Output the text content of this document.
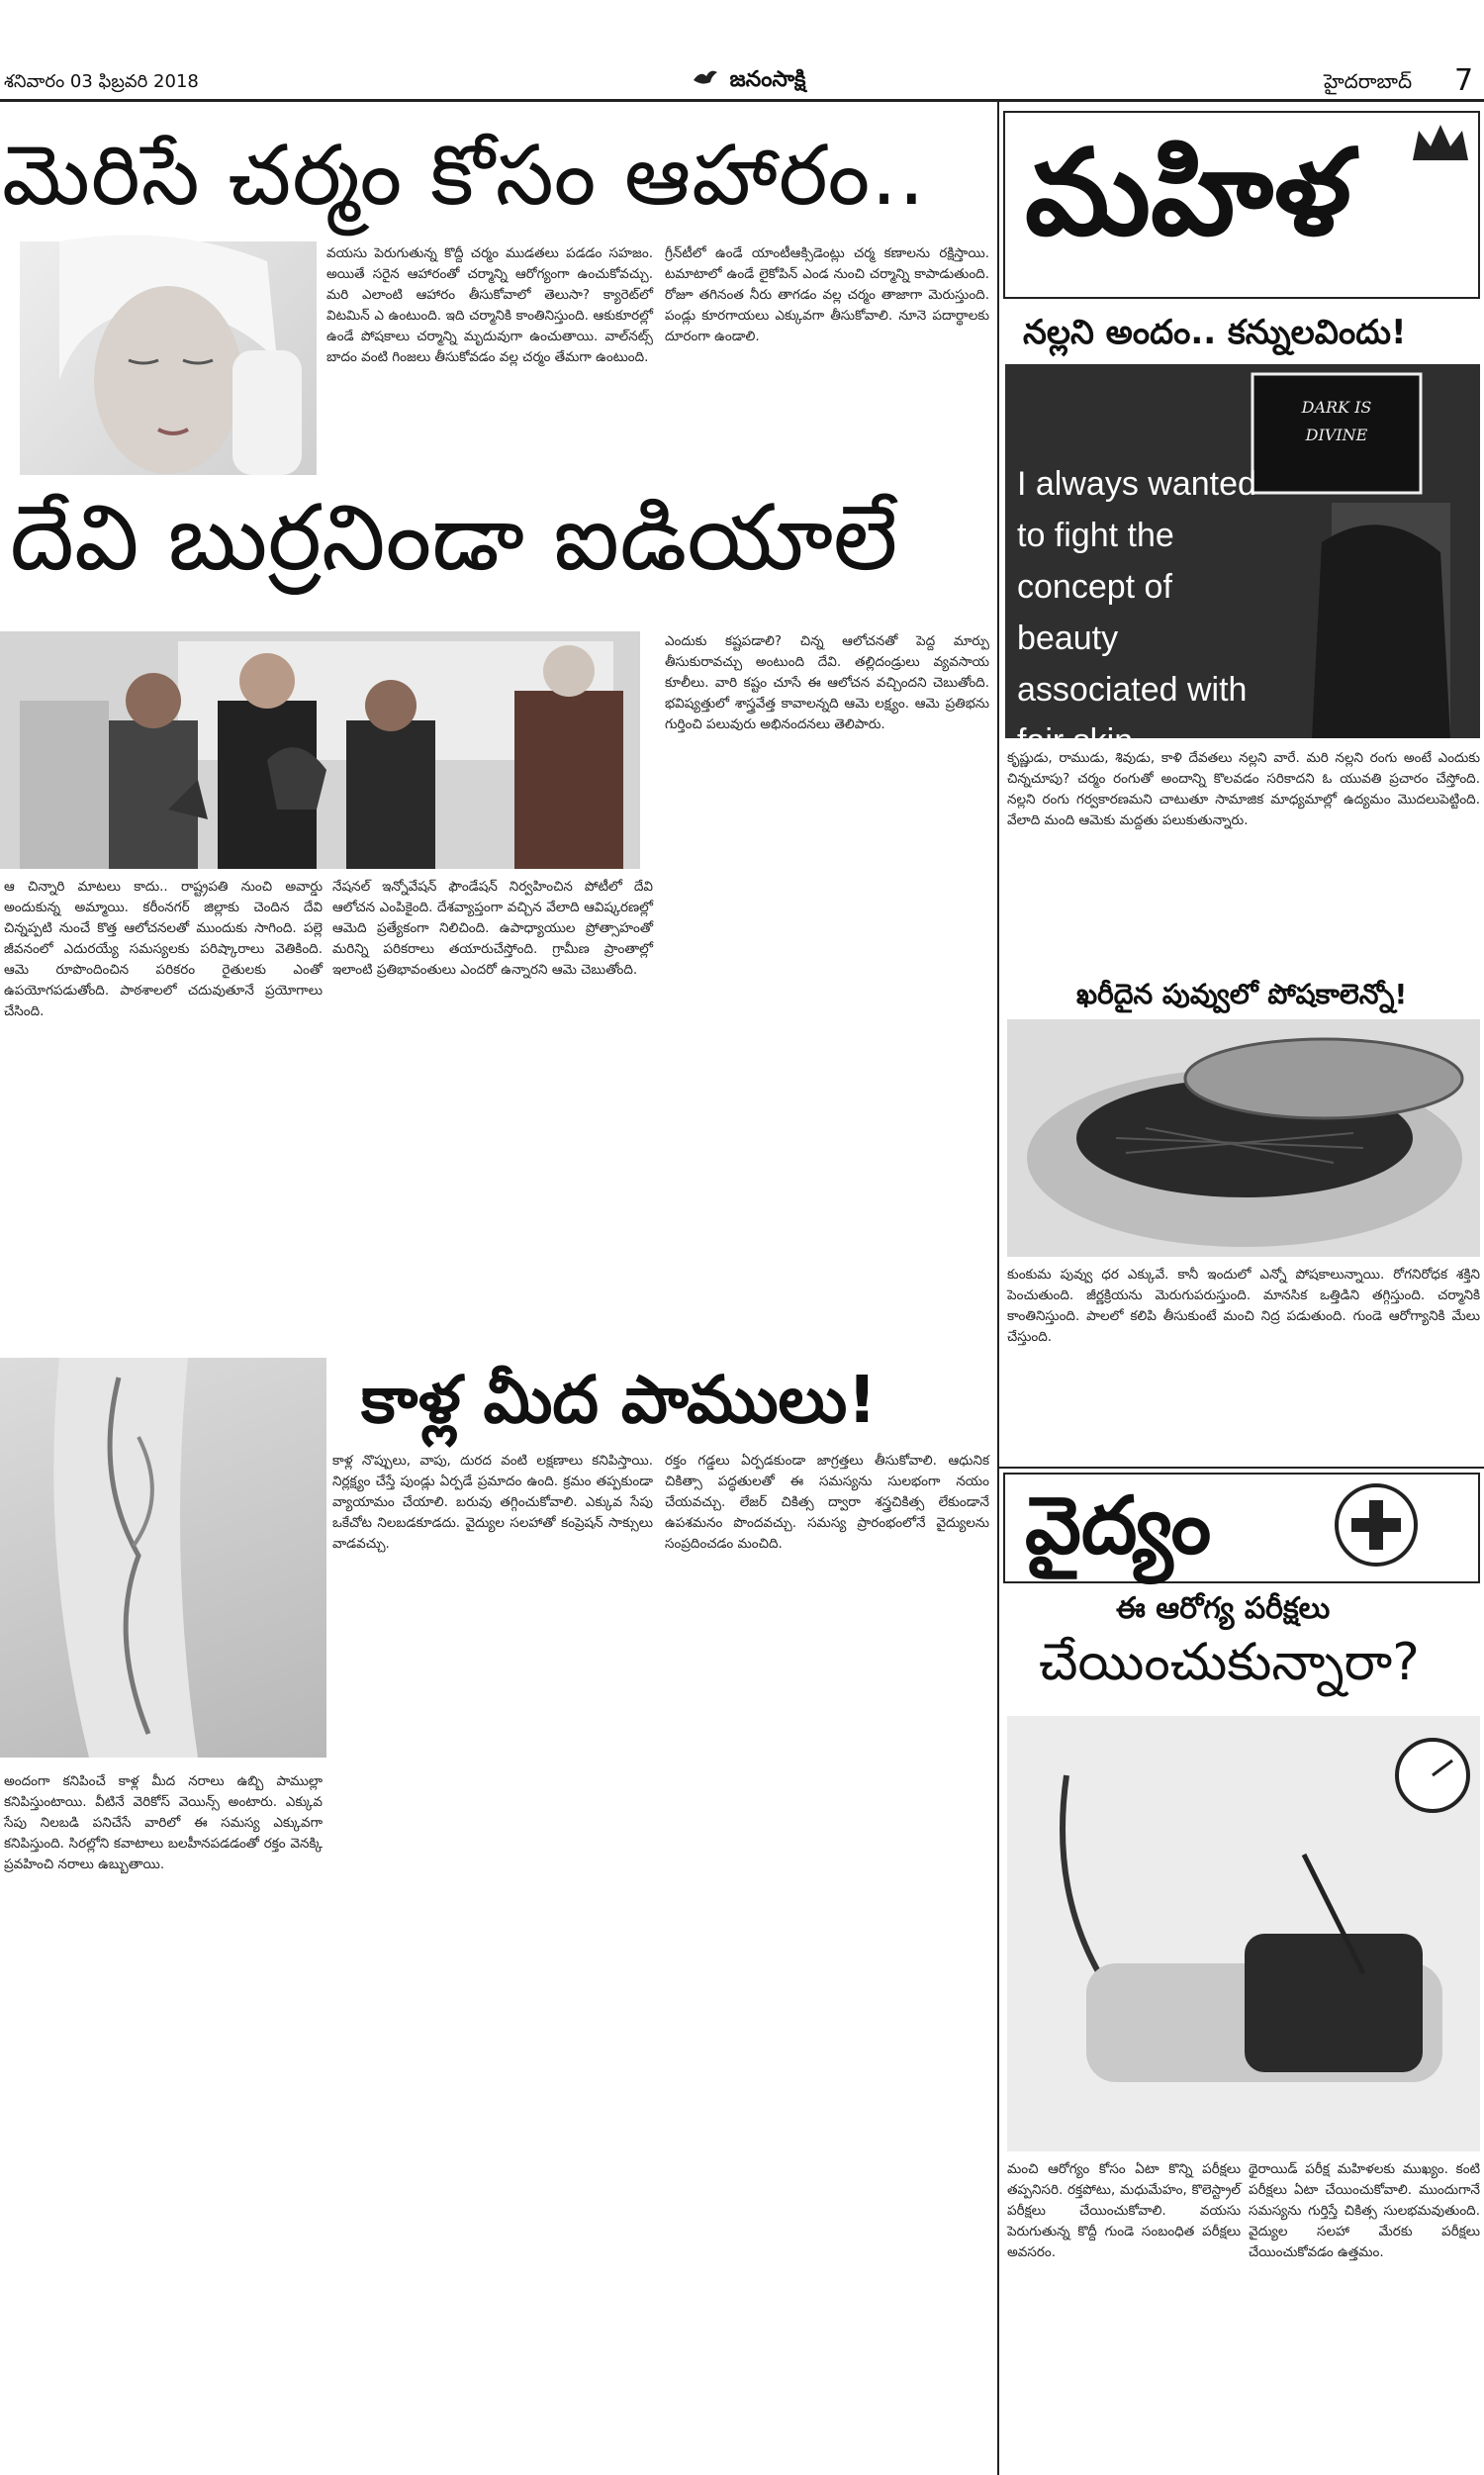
శనివారం 03 ఫిబ్రవరి 2018	జనంసాక్షి	హైదరాబాద్ 7
మెరిసే చర్మం కోసం ఆహారం..
వయసు పెరుగుతున్న కొద్దీ చర్మం ముడతలు పడడం సహజం. అయితే సరైన ఆహారంతో చర్మాన్ని ఆరోగ్యంగా ఉంచుకోవచ్చు. మరి ఎలాంటి ఆహారం తీసుకోవాలో తెలుసా? క్యారెట్‌లో విటమిన్‌ ఎ ఉంటుంది. ఇది చర్మానికి కాంతినిస్తుంది. ఆకుకూరల్లో ఉండే పోషకాలు చర్మాన్ని మృదువుగా ఉంచుతాయి. వాల్‌నట్స్‌ బాదం వంటి గింజలు తీసుకోవడం వల్ల చర్మం తేమగా ఉంటుంది.
గ్రీన్‌టీలో ఉండే యాంటీఆక్సిడెంట్లు చర్మ కణాలను రక్షిస్తాయి. టమాటాలో ఉండే లైకోపిన్‌ ఎండ నుంచి చర్మాన్ని కాపాడుతుంది. రోజూ తగినంత నీరు తాగడం వల్ల చర్మం తాజాగా మెరుస్తుంది. పండ్లు కూరగాయలు ఎక్కువగా తీసుకోవాలి. నూనె పదార్థాలకు దూరంగా ఉండాలి.
దేవి బుర్రనిండా ఐడియాలే
ఆ చిన్నారి మాటలు కాదు.. రాష్ట్రపతి నుంచి అవార్డు అందుకున్న అమ్మాయి. కరీంనగర్‌ జిల్లాకు చెందిన దేవి చిన్నప్పటి నుంచే కొత్త ఆలోచనలతో ముందుకు సాగింది. పల్లె జీవనంలో ఎదురయ్యే సమస్యలకు పరిష్కారాలు వెతికింది. ఆమె రూపొందించిన పరికరం రైతులకు ఎంతో ఉపయోగపడుతోంది. పాఠశాలలో చదువుతూనే ప్రయోగాలు చేసింది.
నేషనల్‌ ఇన్నోవేషన్‌ ఫౌండేషన్‌ నిర్వహించిన పోటీలో దేవి ఆలోచన ఎంపికైంది. దేశవ్యాప్తంగా వచ్చిన వేలాది ఆవిష్కరణల్లో ఆమెది ప్రత్యేకంగా నిలిచింది. ఉపాధ్యాయుల ప్రోత్సాహంతో మరిన్ని పరికరాలు తయారుచేస్తోంది. గ్రామీణ ప్రాంతాల్లో ఇలాంటి ప్రతిభావంతులు ఎందరో ఉన్నారని ఆమె చెబుతోంది.
ఎందుకు కష్టపడాలి? చిన్న ఆలోచనతో పెద్ద మార్పు తీసుకురావచ్చు అంటుంది దేవి. తల్లిదండ్రులు వ్యవసాయ కూలీలు. వారి కష్టం చూసే ఈ ఆలోచన వచ్చిందని చెబుతోంది. భవిష్యత్తులో శాస్త్రవేత్త కావాలన్నది ఆమె లక్ష్యం. ఆమె ప్రతిభను గుర్తించి పలువురు అభినందనలు తెలిపారు.
కాళ్ల మీద పాములు!
అందంగా కనిపించే కాళ్ల మీద నరాలు ఉబ్బి పాముల్లా కనిపిస్తుంటాయి. వీటినే వెరికోస్‌ వెయిన్స్‌ అంటారు. ఎక్కువ సేపు నిలబడి పనిచేసే వారిలో ఈ సమస్య ఎక్కువగా కనిపిస్తుంది. సిరల్లోని కవాటాలు బలహీనపడడంతో రక్తం వెనక్కి ప్రవహించి నరాలు ఉబ్బుతాయి.
కాళ్ల నొప్పులు, వాపు, దురద వంటి లక్షణాలు కనిపిస్తాయి. నిర్లక్ష్యం చేస్తే పుండ్లు ఏర్పడే ప్రమాదం ఉంది. క్రమం తప్పకుండా వ్యాయామం చేయాలి. బరువు తగ్గించుకోవాలి. ఎక్కువ సేపు ఒకేచోట నిలబడకూడదు. వైద్యుల సలహాతో కంప్రెషన్‌ సాక్సులు వాడవచ్చు.
రక్తం గడ్డలు ఏర్పడకుండా జాగ్రత్తలు తీసుకోవాలి. ఆధునిక చికిత్సా పద్ధతులతో ఈ సమస్యను సులభంగా నయం చేయవచ్చు. లేజర్‌ చికిత్స ద్వారా శస్త్రచికిత్స లేకుండానే ఉపశమనం పొందవచ్చు. సమస్య ప్రారంభంలోనే వైద్యులను సంప్రదించడం మంచిది.
మహిళ
నల్లని అందం.. కన్నులవిందు!
DARK IS DIVINE
I always wanted to fight the concept of beauty associated with fair skin
కృష్ణుడు, రాముడు, శివుడు, కాళి దేవతలు నల్లని వారే. మరి నల్లని రంగు అంటే ఎందుకు చిన్నచూపు? చర్మం రంగుతో అందాన్ని కొలవడం సరికాదని ఓ యువతి ప్రచారం చేస్తోంది. నల్లని రంగు గర్వకారణమని చాటుతూ సామాజిక మాధ్యమాల్లో ఉద్యమం మొదలుపెట్టింది. వేలాది మంది ఆమెకు మద్దతు పలుకుతున్నారు.
ఖరీదైన పువ్వులో పోషకాలెన్నో!
కుంకుమ పువ్వు ధర ఎక్కువే. కానీ ఇందులో ఎన్నో పోషకాలున్నాయి. రోగనిరోధక శక్తిని పెంచుతుంది. జీర్ణక్రియను మెరుగుపరుస్తుంది. మానసిక ఒత్తిడిని తగ్గిస్తుంది. చర్మానికి కాంతినిస్తుంది. పాలలో కలిపి తీసుకుంటే మంచి నిద్ర పడుతుంది. గుండె ఆరోగ్యానికి మేలు చేస్తుంది.
వైద్యం
ఈ ఆరోగ్య పరీక్షలు
చేయించుకున్నారా?
మంచి ఆరోగ్యం కోసం ఏటా కొన్ని పరీక్షలు తప్పనిసరి. రక్తపోటు, మధుమేహం, కొలెస్ట్రాల్‌ పరీక్షలు చేయించుకోవాలి. వయసు పెరుగుతున్న కొద్దీ గుండె సంబంధిత పరీక్షలు అవసరం.
థైరాయిడ్‌ పరీక్ష మహిళలకు ముఖ్యం. కంటి పరీక్షలు ఏటా చేయించుకోవాలి. ముందుగానే సమస్యను గుర్తిస్తే చికిత్స సులభమవుతుంది. వైద్యుల సలహా మేరకు పరీక్షలు చేయించుకోవడం ఉత్తమం.
